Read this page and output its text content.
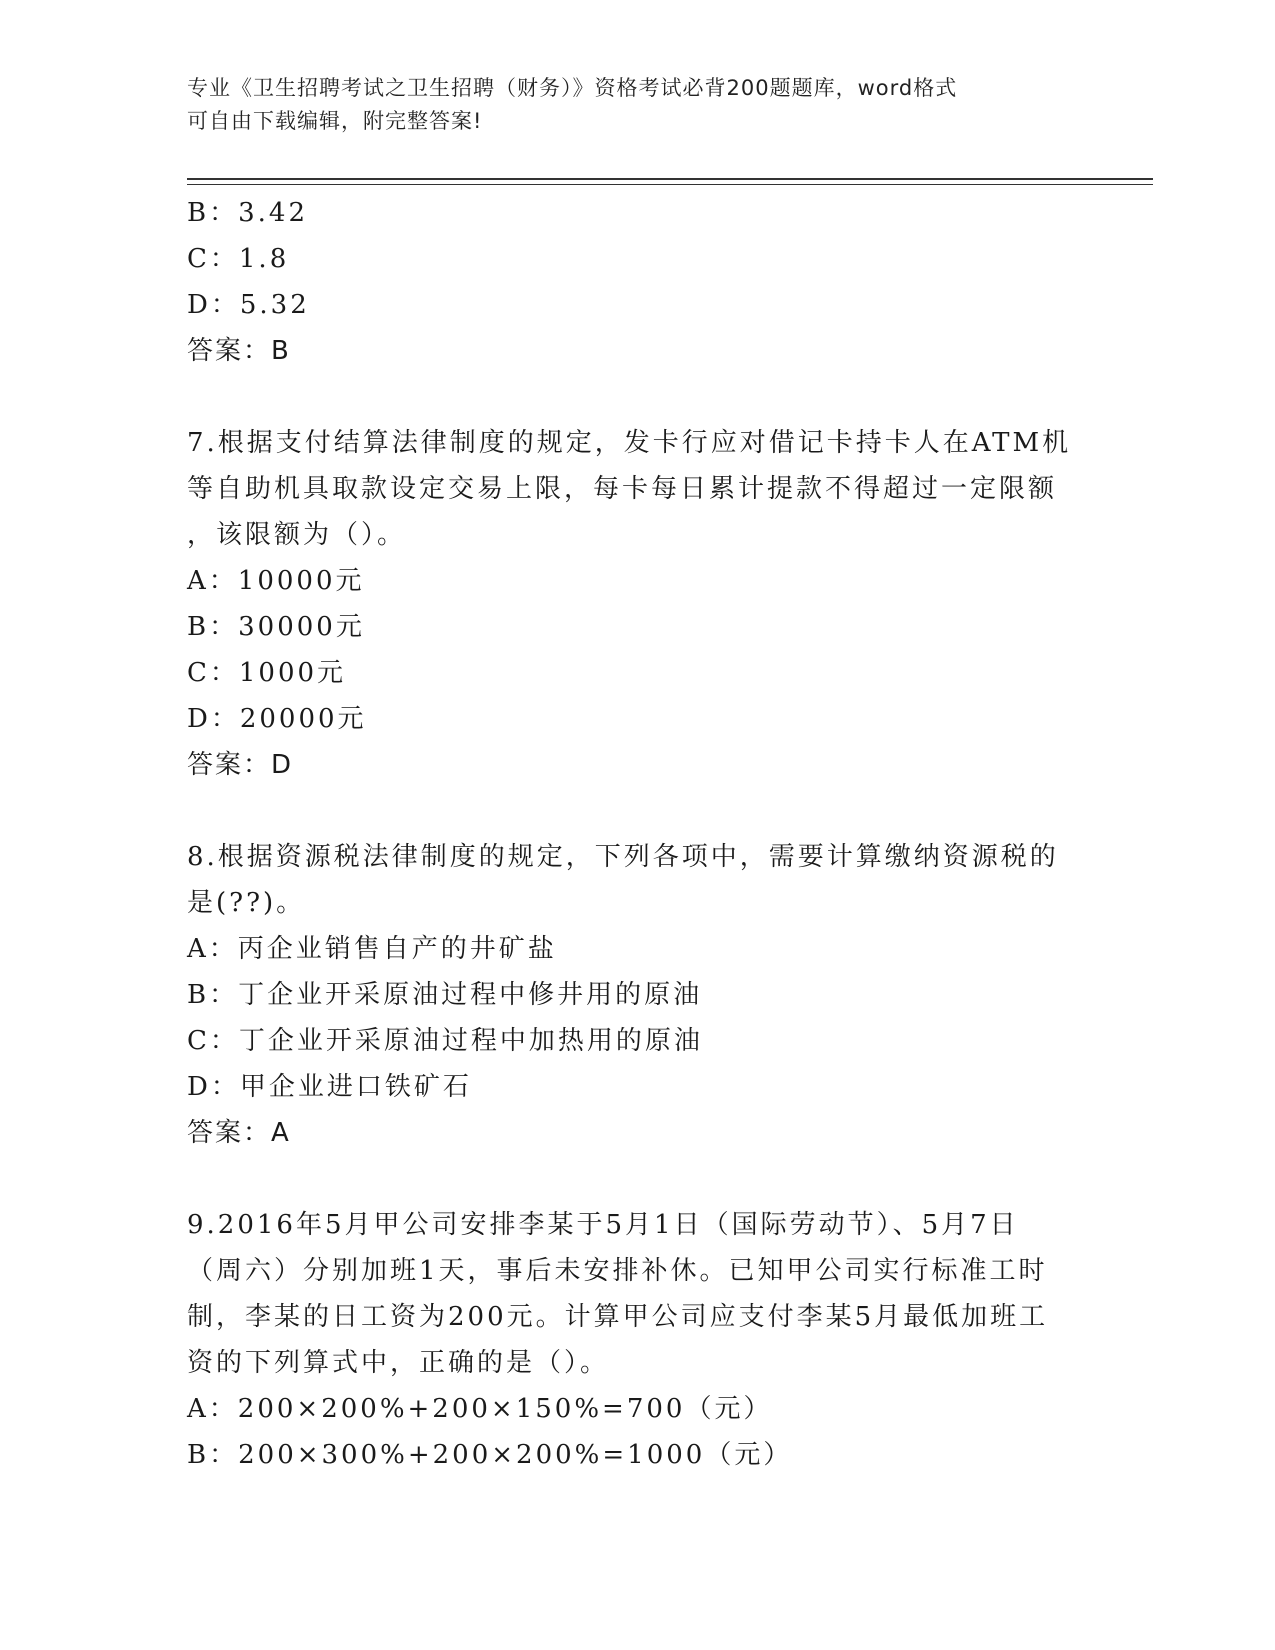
专业《卫生招聘考试之卫生招聘（财务）》资格考试必背200题题库，word格式
可自由下载编辑，附完整答案!
B：3.42
C：1.8
D：5.32
答案：B
7.根据支付结算法律制度的规定，发卡行应对借记卡持卡人在ATM机
等自助机具取款设定交易上限，每卡每日累计提款不得超过一定限额
，该限额为（）。
A：10000元
B：30000元
C：1000元
D：20000元
答案：D
8.根据资源税法律制度的规定，下列各项中，需要计算缴纳资源税的
是(??)。
A：丙企业销售自产的井矿盐
B：丁企业开采原油过程中修井用的原油
C：丁企业开采原油过程中加热用的原油
D：甲企业进口铁矿石
答案：A
9.2016年5月甲公司安排李某于5月1日（国际劳动节）、5月7日
（周六）分别加班1天，事后未安排补休。已知甲公司实行标准工时
制，李某的日工资为200元。计算甲公司应支付李某5月最低加班工
资的下列算式中，正确的是（）。
A：200×200%+200×150%=700（元）
B：200×300%+200×200%=1000（元）
